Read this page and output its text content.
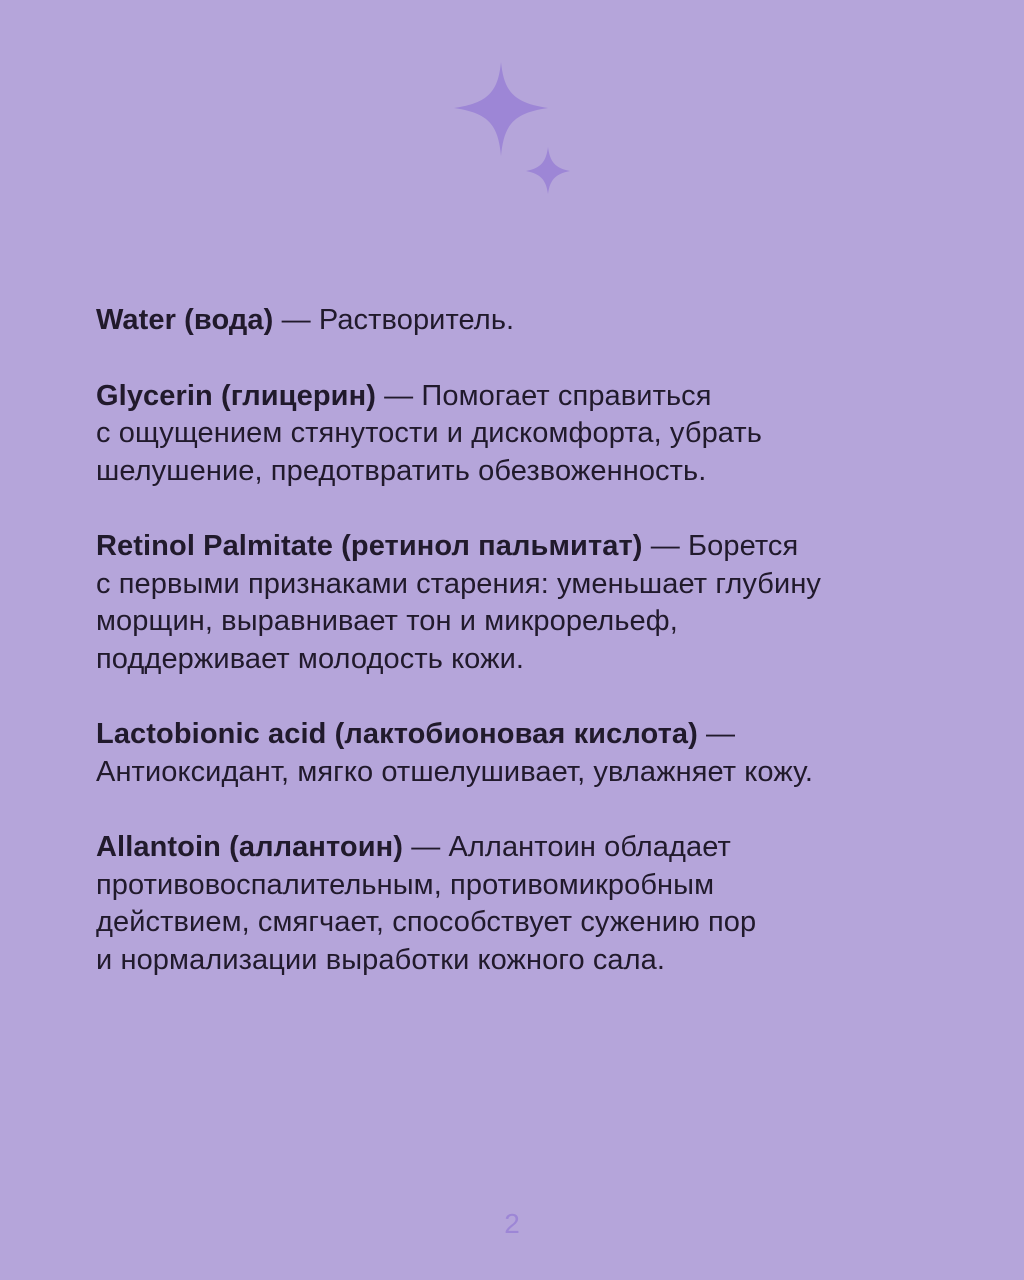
Water (вода) — Растворитель.

Glycerin (глицерин) — Помогает справиться

с ощущением стянутости и дискомфорта, убрать

шелушение, предотвратить обезвоженность.

Retinol Palmitate (ретинол пальмитат) — Борется

с первыми признаками старения: уменьшает глубину

морщин, выравнивает тон и микрорельеф,

поддерживает молодость кожи.

Lactobionic acid (лактобионовая кислота) —

Антиоксидант, мягко отшелушивает, увлажняет кожу.

Allantoin (аллантоин) — Аллантоин обладает

противовоспалительным, противомикробным

действием, смягчает, способствует сужению пор

и нормализации выработки кожного сала.

2
